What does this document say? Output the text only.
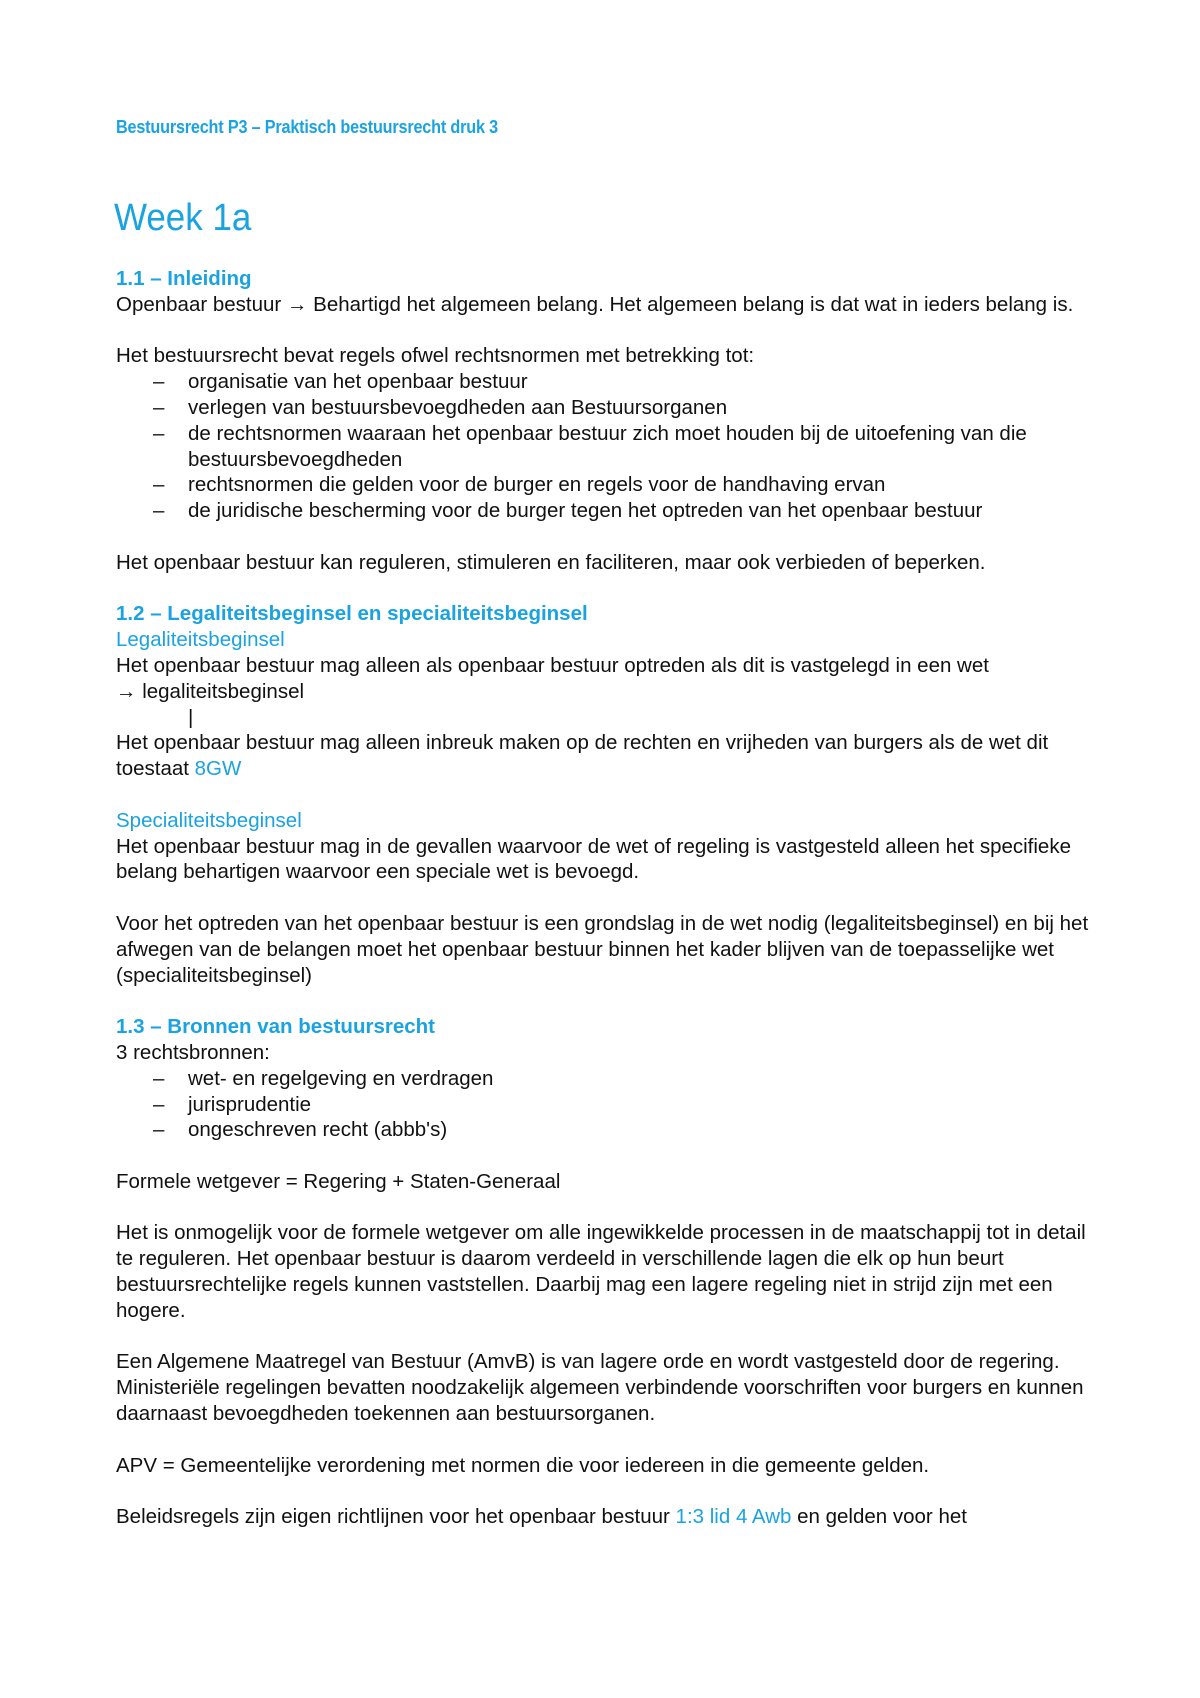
Bestuursrecht P3 – Praktisch bestuursrecht druk 3
Week 1a

1.1 – Inleiding

Openbaar bestuur → Behartigd het algemeen belang. Het algemeen belang is dat wat in ieders belang is.

Het bestuursrecht bevat regels ofwel rechtsnormen met betrekking tot:

– organisatie van het openbaar bestuur
– verlegen van bestuursbevoegdheden aan Bestuursorganen
– de rechtsnormen waaraan het openbaar bestuur zich moet houden bij de uitoefening van die bestuursbevoegdheden
– rechtsnormen die gelden voor de burger en regels voor de handhaving ervan
– de juridische bescherming voor de burger tegen het optreden van het openbaar bestuur

Het openbaar bestuur kan reguleren, stimuleren en faciliteren, maar ook verbieden of beperken.

1.2 – Legaliteitsbeginsel en specialiteitsbeginsel

Legaliteitsbeginsel

Het openbaar bestuur mag alleen als openbaar bestuur optreden als dit is vastgelegd in een wet

→ legaliteitsbeginsel

|

Het openbaar bestuur mag alleen inbreuk maken op de rechten en vrijheden van burgers als de wet dit toestaat 8GW

Specialiteitsbeginsel

Het openbaar bestuur mag in de gevallen waarvoor de wet of regeling is vastgesteld alleen het specifieke belang behartigen waarvoor een speciale wet is bevoegd.

Voor het optreden van het openbaar bestuur is een grondslag in de wet nodig (legaliteitsbeginsel) en bij het afwegen van de belangen moet het openbaar bestuur binnen het kader blijven van de toepasselijke wet (specialiteitsbeginsel)

1.3 – Bronnen van bestuursrecht

3 rechtsbronnen:

– wet- en regelgeving en verdragen
– jurisprudentie
– ongeschreven recht (abbb's)

Formele wetgever = Regering + Staten-Generaal

Het is onmogelijk voor de formele wetgever om alle ingewikkelde processen in de maatschappij tot in detail te reguleren. Het openbaar bestuur is daarom verdeeld in verschillende lagen die elk op hun beurt bestuursrechtelijke regels kunnen vaststellen. Daarbij mag een lagere regeling niet in strijd zijn met een hogere.

Een Algemene Maatregel van Bestuur (AmvB) is van lagere orde en wordt vastgesteld door de regering.

Ministeriële regelingen bevatten noodzakelijk algemeen verbindende voorschriften voor burgers en kunnen daarnaast bevoegdheden toekennen aan bestuursorganen.

APV = Gemeentelijke verordening met normen die voor iedereen in die gemeente gelden.

Beleidsregels zijn eigen richtlijnen voor het openbaar bestuur 1:3 lid 4 Awb en gelden voor het
